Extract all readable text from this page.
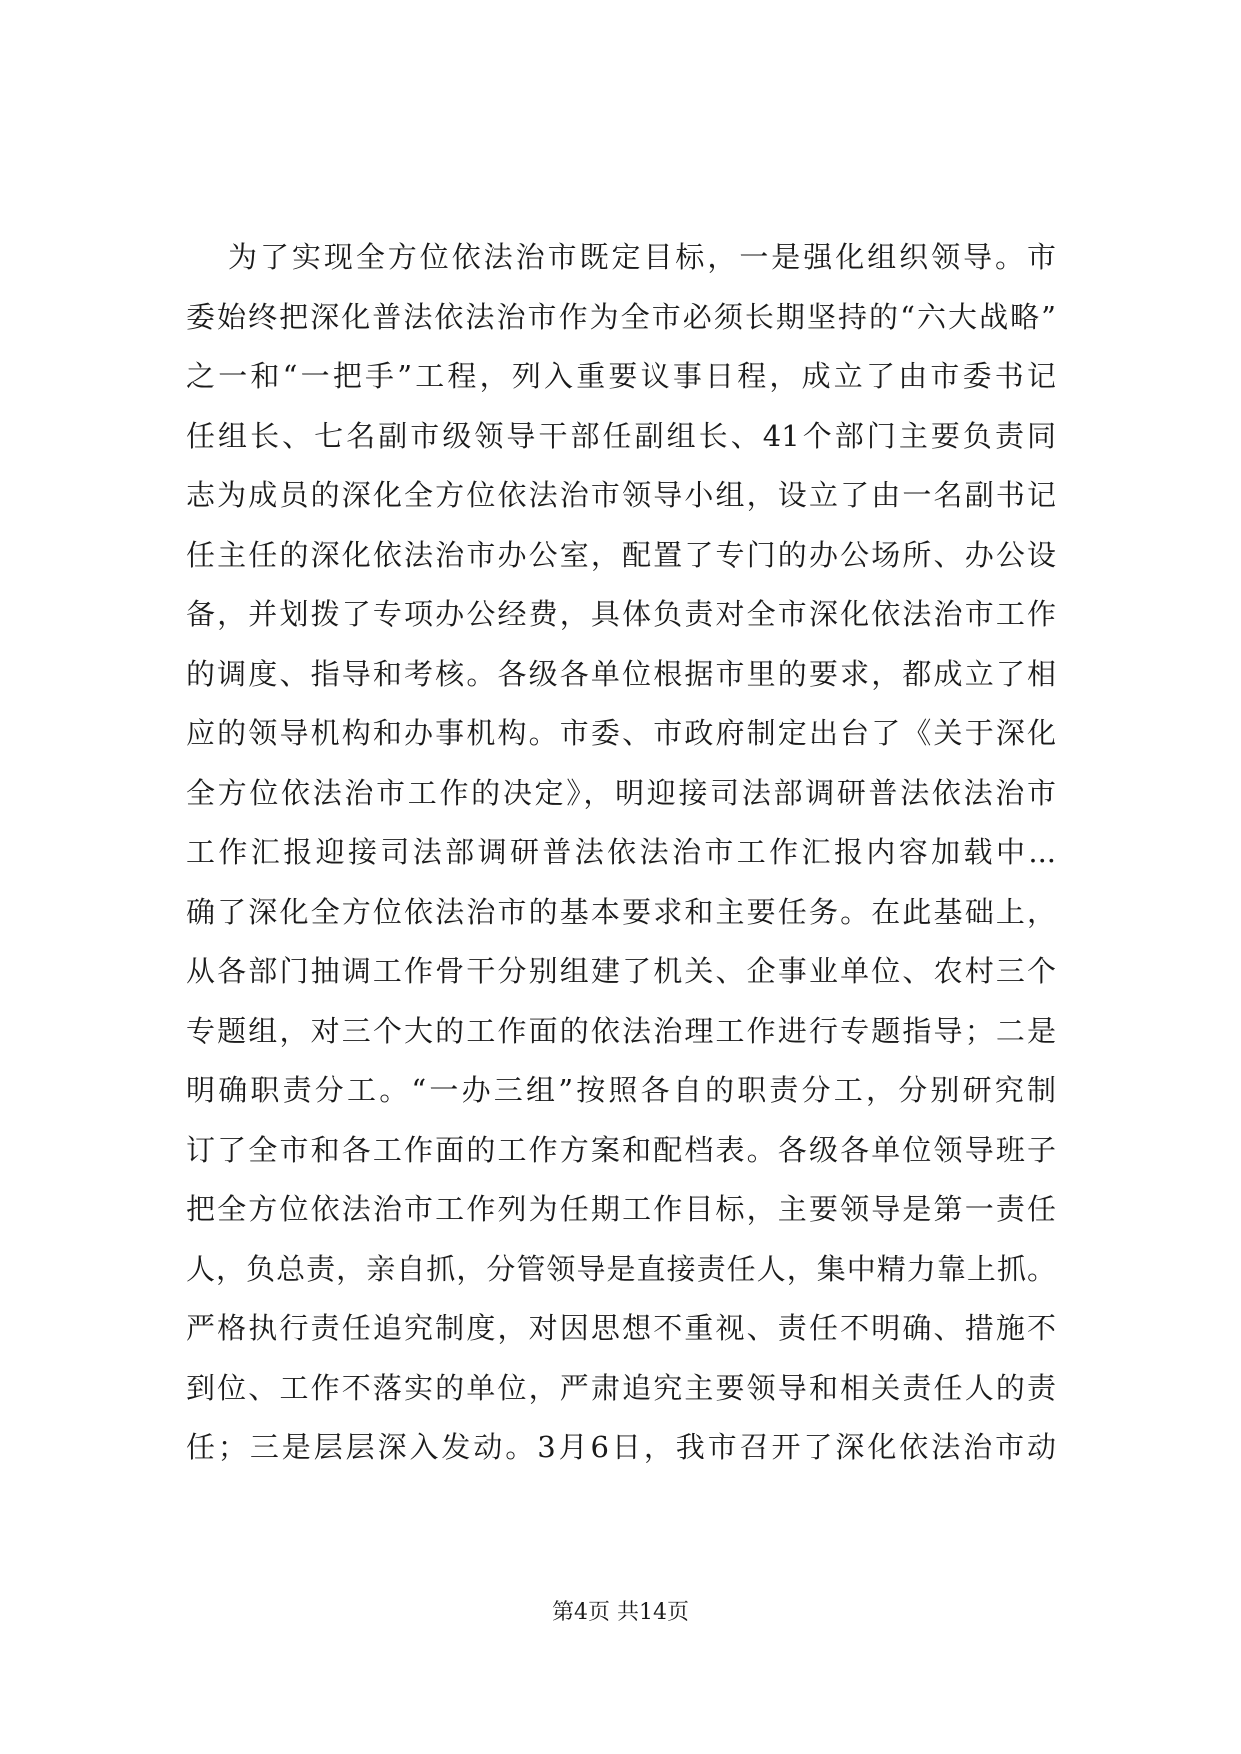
为了实现全方位依法治市既定目标，一是强化组织领导。市
委始终把深化普法依法治市作为全市必须长期坚持的“六大战略”
之一和“一把手”工程，列入重要议事日程，成立了由市委书记
任组长、七名副市级领导干部任副组长、41个部门主要负责同
志为成员的深化全方位依法治市领导小组，设立了由一名副书记
任主任的深化依法治市办公室，配置了专门的办公场所、办公设
备，并划拨了专项办公经费，具体负责对全市深化依法治市工作
的调度、指导和考核。各级各单位根据市里的要求，都成立了相
应的领导机构和办事机构。市委、市政府制定出台了《关于深化
全方位依法治市工作的决定》，明迎接司法部调研普法依法治市
工作汇报迎接司法部调研普法依法治市工作汇报内容加载中...
确了深化全方位依法治市的基本要求和主要任务。在此基础上，
从各部门抽调工作骨干分别组建了机关、企事业单位、农村三个
专题组，对三个大的工作面的依法治理工作进行专题指导；二是
明确职责分工。“一办三组”按照各自的职责分工，分别研究制
订了全市和各工作面的工作方案和配档表。各级各单位领导班子
把全方位依法治市工作列为任期工作目标，主要领导是第一责任
人，负总责，亲自抓，分管领导是直接责任人，集中精力靠上抓。
严格执行责任追究制度，对因思想不重视、责任不明确、措施不
到位、工作不落实的单位，严肃追究主要领导和相关责任人的责
任；三是层层深入发动。3月6日，我市召开了深化依法治市动
第4页 共14页
